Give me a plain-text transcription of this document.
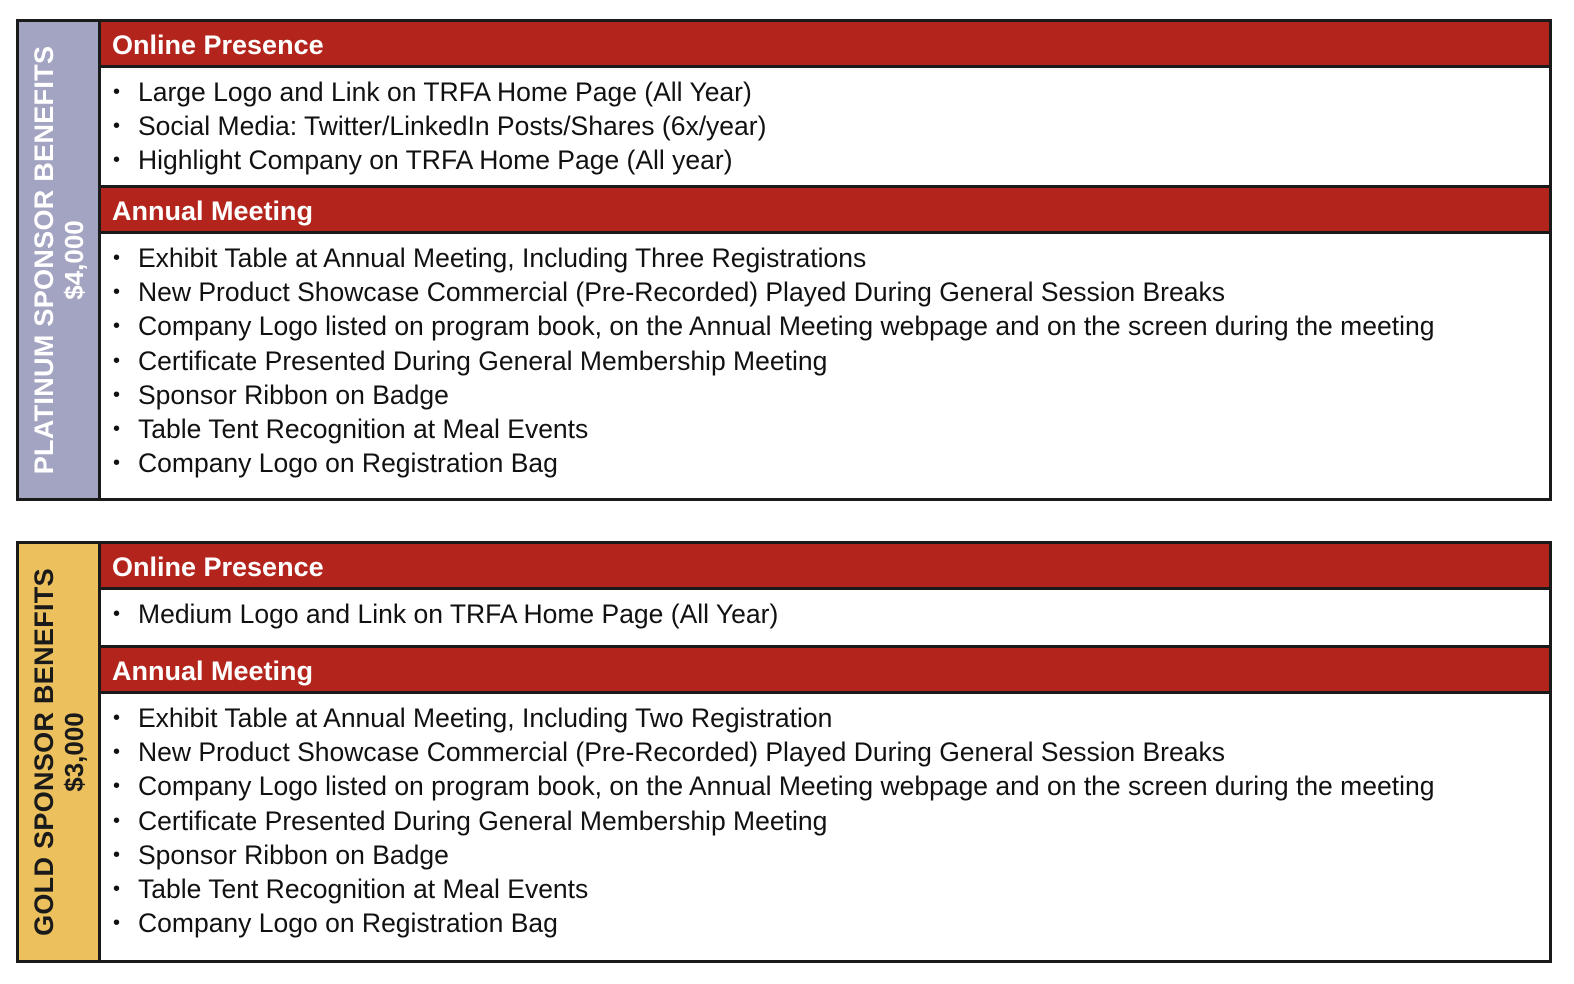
PLATINUM SPONSOR BENEFITS $4,000
Online Presence
• Large Logo and Link on TRFA Home Page (All Year)
• Social Media: Twitter/LinkedIn Posts/Shares (6x/year)
• Highlight Company on TRFA Home Page (All year)
Annual Meeting
• Exhibit Table at Annual Meeting, Including Three Registrations
• New Product Showcase Commercial (Pre-Recorded) Played During General Session Breaks
• Company Logo listed on program book, on the Annual Meeting webpage and on the screen during the meeting
• Certificate Presented During General Membership Meeting
• Sponsor Ribbon on Badge
• Table Tent Recognition at Meal Events
• Company Logo on Registration Bag
GOLD SPONSOR BENEFITS $3,000
Online Presence
• Medium Logo and Link on TRFA Home Page (All Year)
Annual Meeting
• Exhibit Table at Annual Meeting, Including Two Registration
• New Product Showcase Commercial (Pre-Recorded) Played During General Session Breaks
• Company Logo listed on program book, on the Annual Meeting webpage and on the screen during the meeting
• Certificate Presented During General Membership Meeting
• Sponsor Ribbon on Badge
• Table Tent Recognition at Meal Events
• Company Logo on Registration Bag
